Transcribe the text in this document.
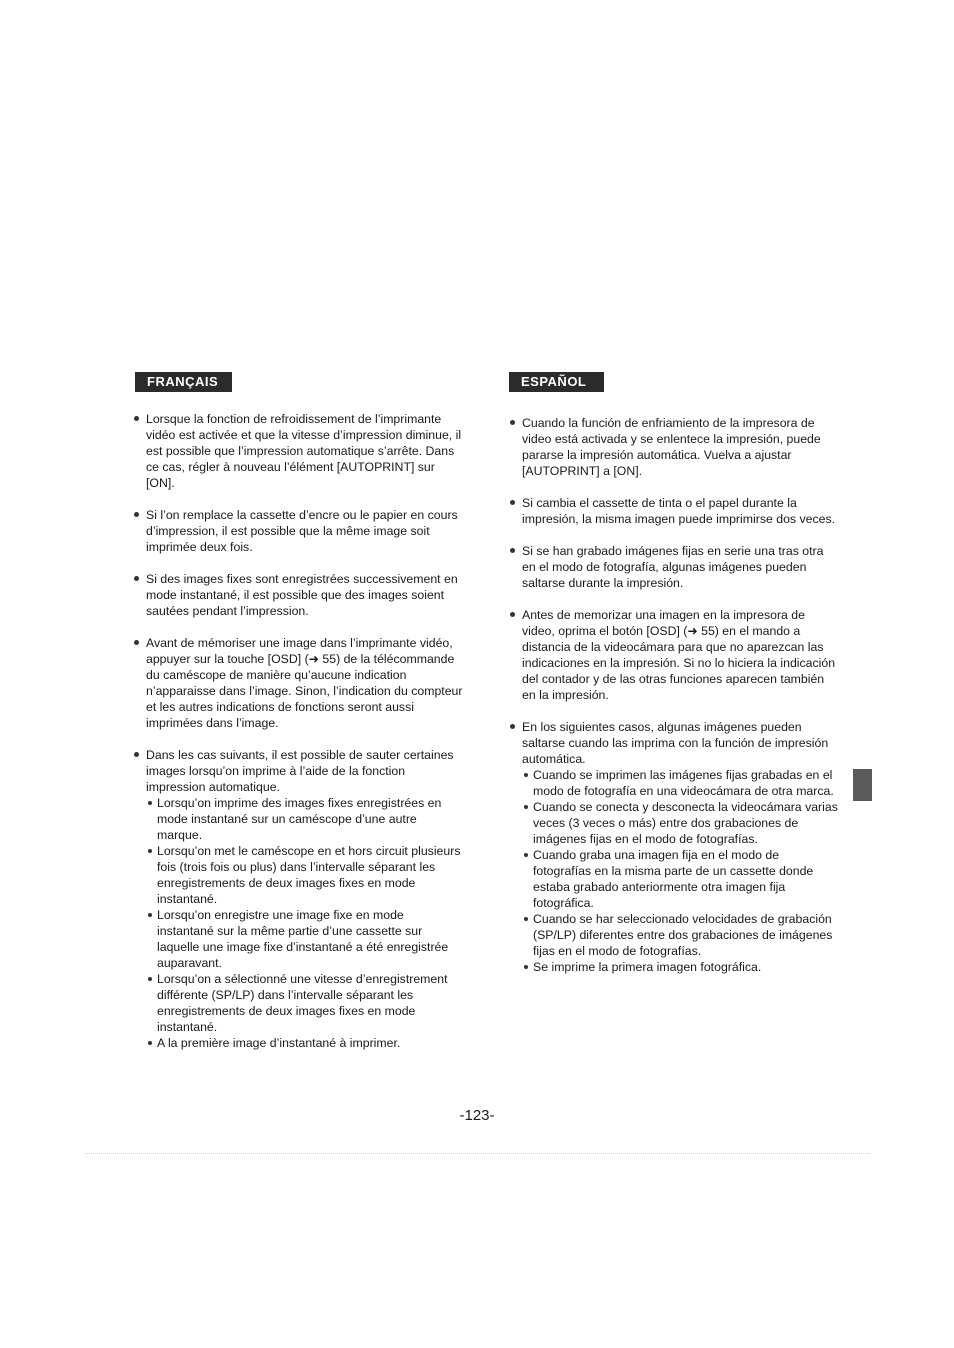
FRANÇAIS
Lorsque la fonction de refroidissement de l’imprimante vidéo est activée et que la vitesse d’impression diminue, il est possible que l’impression automatique s’arrête. Dans ce cas, régler à nouveau l’élément [AUTOPRINT] sur [ON].
Si l’on remplace la cassette d’encre ou le papier en cours d’impression, il est possible que la même image soit imprimée deux fois.
Si des images fixes sont enregistrées successivement en mode instantané, il est possible que des images soient sautées pendant l’impression.
Avant de mémoriser une image dans l’imprimante vidéo, appuyer sur la touche [OSD] (➜ 55) de la télécommande du caméscope de manière qu’aucune indication n’apparaisse dans l’image. Sinon, l’indication du compteur et les autres indications de fonctions seront aussi imprimées dans l’image.
Dans les cas suivants, il est possible de sauter certaines images lorsqu’on imprime à l’aide de la fonction impression automatique.
Lorsqu’on imprime des images fixes enregistrées en mode instantané sur un caméscope d’une autre marque.
Lorsqu’on met le caméscope en et hors circuit plusieurs fois (trois fois ou plus) dans l’intervalle séparant les enregistrements de deux images fixes en mode instantané.
Lorsqu’on enregistre une image fixe en mode instantané sur la même partie d’une cassette sur laquelle une image fixe d’instantané a été enregistrée auparavant.
Lorsqu’on a sélectionné une vitesse d’enregistrement différente (SP/LP) dans l’intervalle séparant les enregistrements de deux images fixes en mode instantané.
A la première image d’instantané à imprimer.
ESPAÑOL
Cuando la función de enfriamiento de la impresora de video está activada y se enlentece la impresión, puede pararse la impresión automática. Vuelva a ajustar [AUTOPRINT] a [ON].
Si cambia el cassette de tinta o el papel durante la impresión, la misma imagen puede imprimirse dos veces.
Si se han grabado imágenes fijas en serie una tras otra en el modo de fotografía, algunas imágenes pueden saltarse durante la impresión.
Antes de memorizar una imagen en la impresora de video, oprima el botón [OSD] (➜ 55) en el mando a distancia de la videocámara para que no aparezcan las indicaciones en la impresión. Si no lo hiciera la indicación del contador y de las otras funciones aparecen también en la impresión.
En los siguientes casos, algunas imágenes pueden saltarse cuando las imprima con la función de impresión automática.
Cuando se imprimen las imágenes fijas grabadas en el modo de fotografía en una videocámara de otra marca.
Cuando se conecta y desconecta la videocámara varias veces (3 veces o más) entre dos grabaciones de imágenes fijas en el modo de fotografías.
Cuando graba una imagen fija en el modo de fotografías en la misma parte de un cassette donde estaba grabado anteriormente otra imagen fija fotográfica.
Cuando se har seleccionado velocidades de grabación (SP/LP) diferentes entre dos grabaciones de imágenes fijas en el modo de fotografías.
Se imprime la primera imagen fotográfica.
-123-
